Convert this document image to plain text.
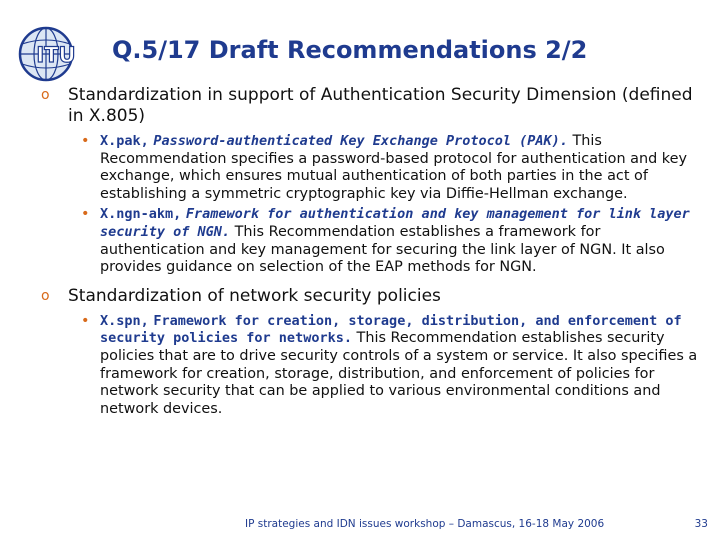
ITU Q.5/17 Draft Recommendations 2/2
o Standardization in support of Authentication Security Dimension (defined in X.805)
• X.pak, Password-authenticated Key Exchange Protocol (PAK). This Recommendation specifies a password-based protocol for authentication and key exchange, which ensures mutual authentication of both parties in the act of establishing a symmetric cryptographic key via Diffie-Hellman exchange.
• X.ngn-akm, Framework for authentication and key management for link layer security of NGN. This Recommendation establishes a framework for authentication and key management for securing the link layer of NGN. It also provides guidance on selection of the EAP methods for NGN.
o Standardization of network security policies
• X.spn, Framework for creation, storage, distribution, and enforcement of security policies for networks. This Recommendation establishes security policies that are to drive security controls of a system or service. It also specifies a framework for creation, storage, distribution, and enforcement of policies for network security that can be applied to various environmental conditions and network devices.
IP strategies and IDN issues workshop – Damascus, 16-18 May 2006	33
